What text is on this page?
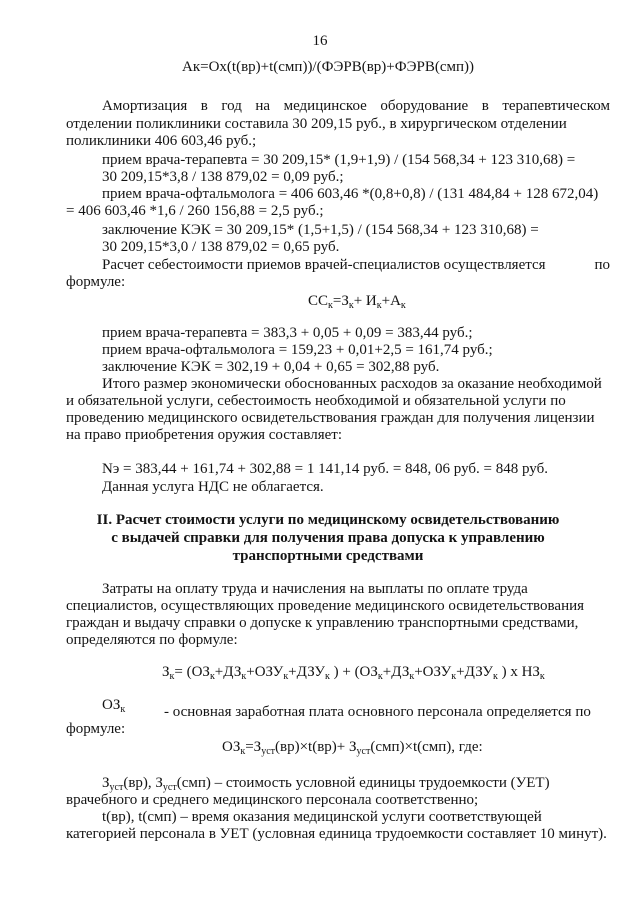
16
Ак=Ох(t(вр)+t(смп))/(ФЭРВ(вр)+ФЭРВ(смп))
Амортизация в год на медицинское оборудование в терапевтическом
отделении поликлиники составила 30 209,15 руб., в хирургическом отделении
поликлиники 406 603,46 руб.;
прием врача-терапевта = 30 209,15* (1,9+1,9) / (154 568,34 + 123 310,68) =
30 209,15*3,8 / 138 879,02 = 0,09 руб.;
прием врача-офтальмолога = 406 603,46 *(0,8+0,8) / (131 484,84 + 128 672,04)
= 406 603,46 *1,6 / 260 156,88 = 2,5 руб.;
заключение КЭК = 30 209,15* (1,5+1,5) / (154 568,34 + 123 310,68) =
30 209,15*3,0 / 138 879,02 = 0,65 руб.
Расчет себестоимости приемов врачей-специалистов осуществляется	по
формуле:
$СС_к=З_к+ И_к+А_к$
прием врача-терапевта = 383,3 + 0,05 + 0,09 = 383,44 руб.;
прием врача-офтальмолога = 159,23 + 0,01+2,5 = 161,74 руб.;
заключение КЭК = 302,19 + 0,04 + 0,65 = 302,88 руб.
Итого размер экономически обоснованных расходов за оказание необходимой
и обязательной услуги, себестоимость необходимой и обязательной услуги по
проведению медицинского освидетельствования граждан для получения лицензии
на право приобретения оружия составляет:
Nэ = 383,44 + 161,74 + 302,88 = 1 141,14 руб. = 848, 06 руб. = 848 руб.
Данная услуга НДС не облагается.
II. Расчет стоимости услуги по медицинскому освидетельствованию
с выдачей справки для получения права допуска к управлению
транспортными средствами
Затраты на оплату труда и начисления на выплаты по оплате труда
специалистов, осуществляющих проведение медицинского освидетельствования
граждан и выдачу справки о допуске к управлению транспортными средствами,
определяются по формуле:
$З_к= (ОЗ_к+ДЗ_к+ОЗУ_к+ДЗУ_к$ ) + ($ОЗ_к+ДЗ_к+ОЗУ_к+ДЗУ_к$ ) х $НЗ_к$
$ОЗ_к$	- основная заработная плата основного персонала определяется по
формуле:
$ОЗ_к=З_{уст}(вр)\times t(вр)+ З_{уст}(смп)\times t(смп)$, где:
$З_{уст}(вр)$, $З_{уст}(смп)$ – стоимость условной единицы трудоемкости (УЕТ)
врачебного и среднего медицинского персонала соответственно;
t(вр), t(смп) – время оказания медицинской услуги соответствующей
категорией персонала в УЕТ (условная единица трудоемкости составляет 10 минут).
